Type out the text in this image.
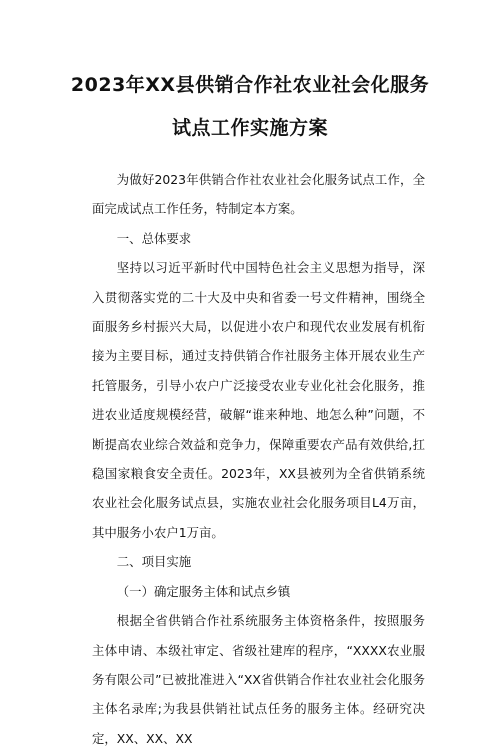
2023年XX县供销合作社农业社会化服务
试点工作实施方案

为做好2023年供销合作社农业社会化服务试点工作，全面完成试点工作任务，特制定本方案。

一、总体要求

坚持以习近平新时代中国特色社会主义思想为指导，深入贯彻落实党的二十大及中央和省委一号文件精神，围绕全面服务乡村振兴大局，以促进小农户和现代农业发展有机衔接为主要目标，通过支持供销合作社服务主体开展农业生产托管服务，引导小农户广泛接受农业专业化社会化服务，推进农业适度规模经营，破解“谁来种地、地怎么种”问题，不断提高农业综合效益和竞争力，保障重要农产品有效供给,扛稳国家粮食安全责任。2023年，XX县被列为全省供销系统农业社会化服务试点县，实施农业社会化服务项目L4万亩，其中服务小农户1万亩。

二、项目实施

（一）确定服务主体和试点乡镇

根据全省供销合作社系统服务主体资格条件，按照服务主体申请、本级社审定、省级社建库的程序，“XXXX农业服务有限公司”已被批准进入“XX省供销合作社农业社会化服务主体名录库;为我县供销社试点任务的服务主体。经研究决定，XX、XX、XX
